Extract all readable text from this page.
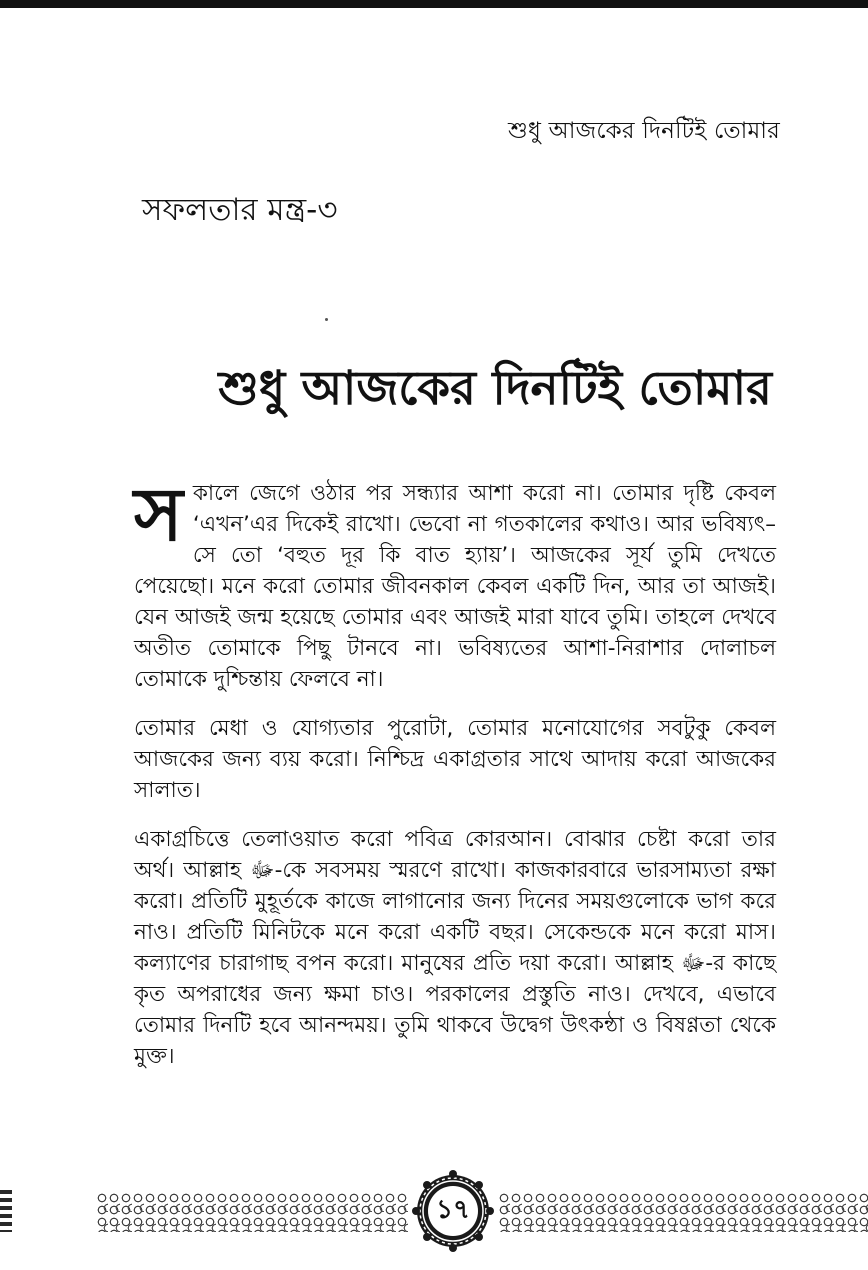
শুধু আজকের দিনটিই তোমার
সফলতার মন্ত্র-৩
শুধু আজকের দিনটিই তোমার

স কালে জেগে ওঠার পর সন্ধ্যার আশা করো না। তোমার দৃষ্টি কেবল ‘এখন’এর দিকেই রাখো। ভেবো না গতকালের কথাও। আর ভবিষ্যৎ– সে তো ‘বহুত দূর কি বাত হ্যায়’। আজকের সূর্য তুমি দেখতে পেয়েছো। মনে করো তোমার জীবনকাল কেবল একটি দিন, আর তা আজই। যেন আজই জন্ম হয়েছে তোমার এবং আজই মারা যাবে তুমি। তাহলে দেখবে অতীত তোমাকে পিছু টানবে না। ভবিষ্যতের আশা-নিরাশার দোলাচল তোমাকে দুশ্চিন্তায় ফেলবে না।

তোমার মেধা ও যোগ্যতার পুরোটা, তোমার মনোযোগের সবটুকু কেবল আজকের জন্য ব্যয় করো। নিশ্চিদ্র একাগ্রতার সাথে আদায় করো আজকের সালাত।

একাগ্রচিত্তে তেলাওয়াত করো পবিত্র কোরআন। বোঝার চেষ্টা করো তার অর্থ। আল্লাহ ﷻ-কে সবসময় স্মরণে রাখো। কাজকারবারে ভারসাম্যতা রক্ষা করো। প্রতিটি মুহূর্তকে কাজে লাগানোর জন্য দিনের সময়গুলোকে ভাগ করে নাও। প্রতিটি মিনিটকে মনে করো একটি বছর। সেকেন্ডকে মনে করো মাস। কল্যাণের চারাগাছ বপন করো। মানুষের প্রতি দয়া করো। আল্লাহ ﷻ-র কাছে কৃত অপরাধের জন্য ক্ষমা চাও। পরকালের প্রস্তুতি নাও। দেখবে, এভাবে তোমার দিনটি হবে আনন্দময়। তুমি থাকবে উদ্বেগ উৎকন্ঠা ও বিষণ্ণতা থেকে মুক্ত।

১৭
